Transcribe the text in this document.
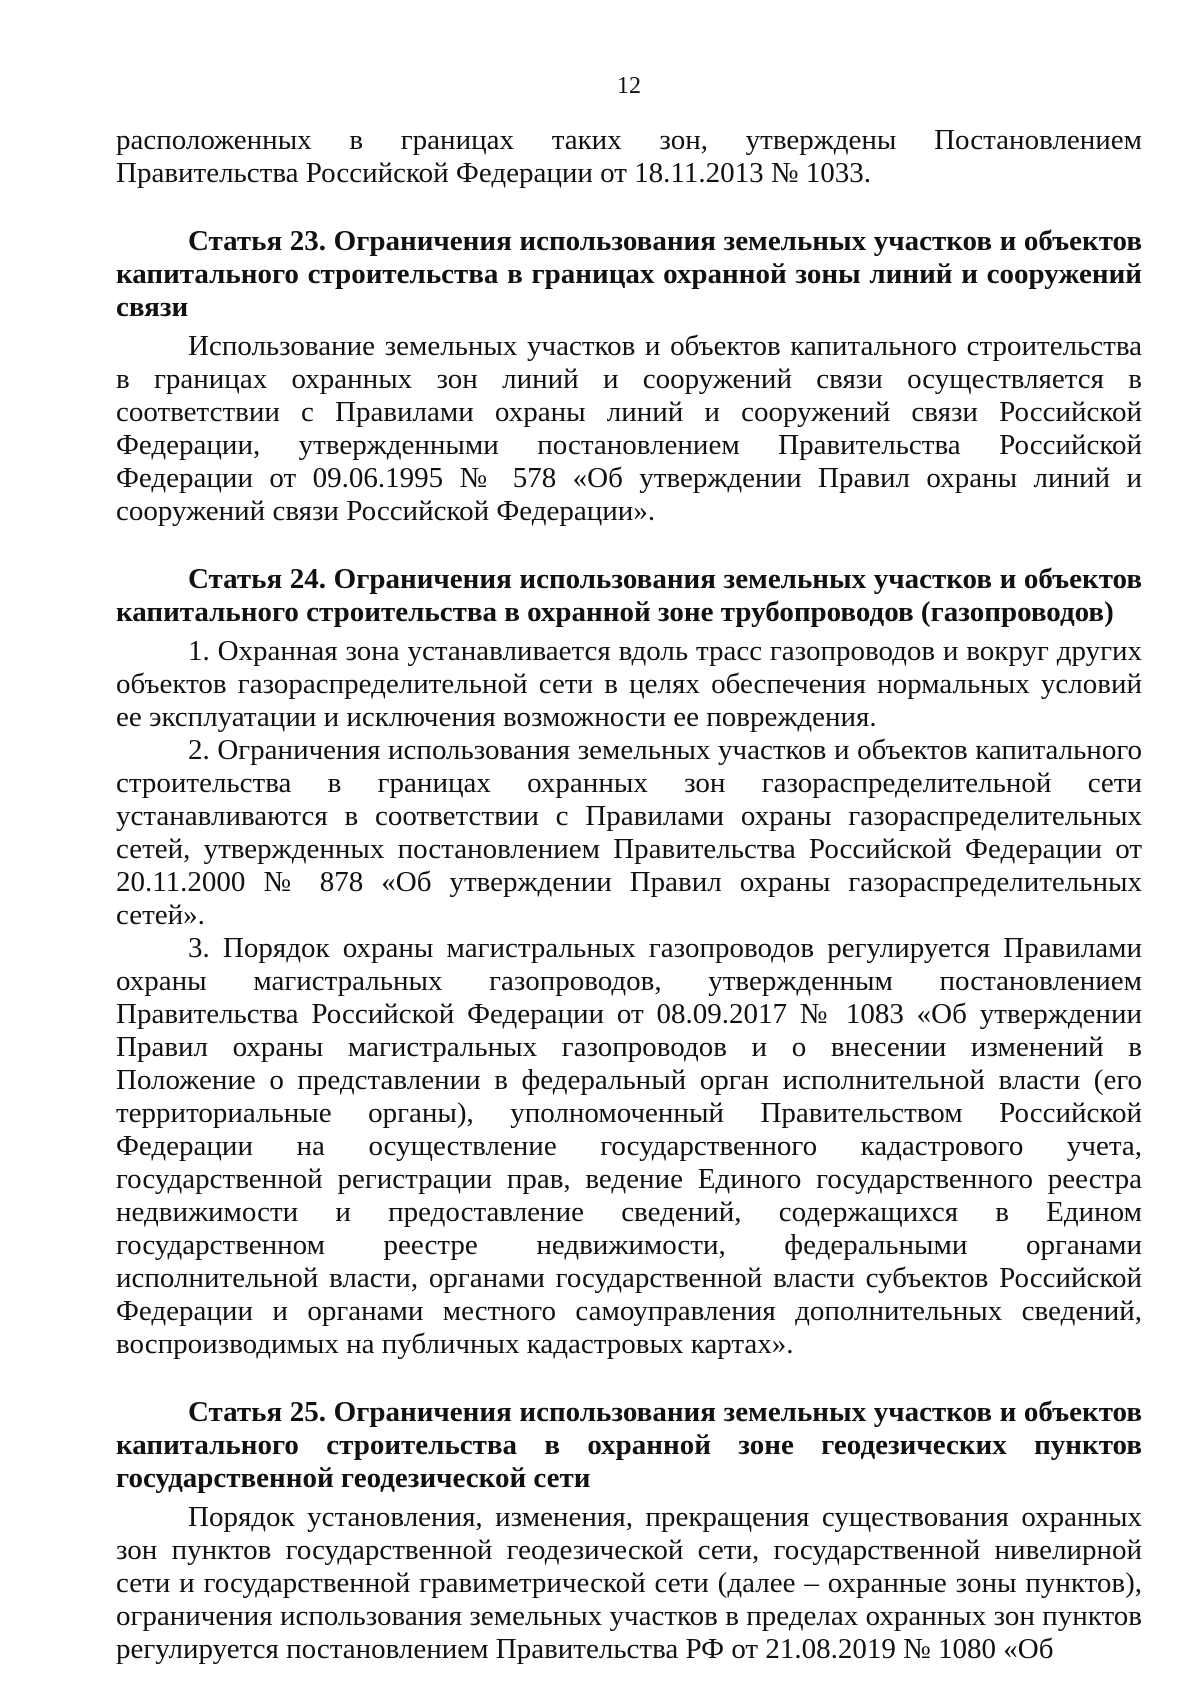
12

расположенных в границах таких зон, утверждены Постановлением Правительства Российской Федерации от 18.11.2013 № 1033.

Статья 23. Ограничения использования земельных участков и объектов капитального строительства в границах охранной зоны линий и сооружений связи

Использование земельных участков и объектов капитального строительства в границах охранных зон линий и сооружений связи осуществляется в соответствии с Правилами охраны линий и сооружений связи Российской Федерации, утвержденными постановлением Правительства Российской Федерации от 09.06.1995 № 578 «Об утверждении Правил охраны линий и сооружений связи Российской Федерации».

Статья 24. Ограничения использования земельных участков и объектов капитального строительства в охранной зоне трубопроводов (газопроводов)

1. Охранная зона устанавливается вдоль трасс газопроводов и вокруг других объектов газораспределительной сети в целях обеспечения нормальных условий ее эксплуатации и исключения возможности ее повреждения.

2. Ограничения использования земельных участков и объектов капитального строительства в границах охранных зон газораспределительной сети устанавливаются в соответствии с Правилами охраны газораспределительных сетей, утвержденных постановлением Правительства Российской Федерации от 20.11.2000 № 878 «Об утверждении Правил охраны газораспределительных сетей».

3. Порядок охраны магистральных газопроводов регулируется Правилами охраны магистральных газопроводов, утвержденным постановлением Правительства Российской Федерации от 08.09.2017 № 1083 «Об утверждении Правил охраны магистральных газопроводов и о внесении изменений в Положение о представлении в федеральный орган исполнительной власти (его территориальные органы), уполномоченный Правительством Российской Федерации на осуществление государственного кадастрового учета, государственной регистрации прав, ведение Единого государственного реестра недвижимости и предоставление сведений, содержащихся в Едином государственном реестре недвижимости, федеральными органами исполнительной власти, органами государственной власти субъектов Российской Федерации и органами местного самоуправления дополнительных сведений, воспроизводимых на публичных кадастровых картах».

Статья 25. Ограничения использования земельных участков и объектов капитального строительства в охранной зоне геодезических пунктов государственной геодезической сети

Порядок установления, изменения, прекращения существования охранных зон пунктов государственной геодезической сети, государственной нивелирной сети и государственной гравиметрической сети (далее – охранные зоны пунктов), ограничения использования земельных участков в пределах охранных зон пунктов регулируется постановлением Правительства РФ от 21.08.2019 № 1080 «Об
